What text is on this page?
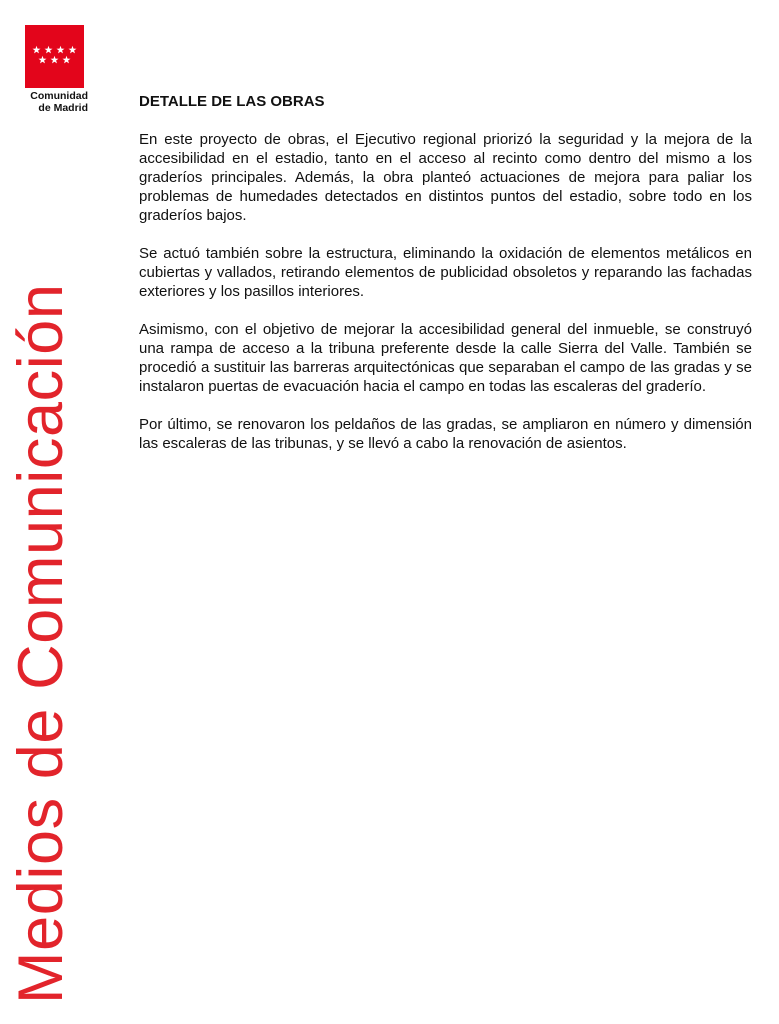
Comunidad
de Madrid
Medios de Comunicación
DETALLE DE LAS OBRAS

En este proyecto de obras, el Ejecutivo regional priorizó la seguridad y la mejora de la accesibilidad en el estadio, tanto en el acceso al recinto como dentro del mismo a los graderíos principales. Además, la obra planteó actuaciones de mejora para paliar los problemas de humedades detectados en distintos puntos del estadio, sobre todo en los graderíos bajos.

Se actuó también sobre la estructura, eliminando la oxidación de elementos metálicos en cubiertas y vallados, retirando elementos de publicidad obsoletos y reparando las fachadas exteriores y los pasillos interiores.

Asimismo, con el objetivo de mejorar la accesibilidad general del inmueble, se construyó una rampa de acceso a la tribuna preferente desde la calle Sierra del Valle. También se procedió a sustituir las barreras arquitectónicas que separaban el campo de las gradas y se instalaron puertas de evacuación hacia el campo en todas las escaleras del graderío.

Por último, se renovaron los peldaños de las gradas, se ampliaron en número y dimensión las escaleras de las tribunas, y se llevó a cabo la renovación de asientos.
